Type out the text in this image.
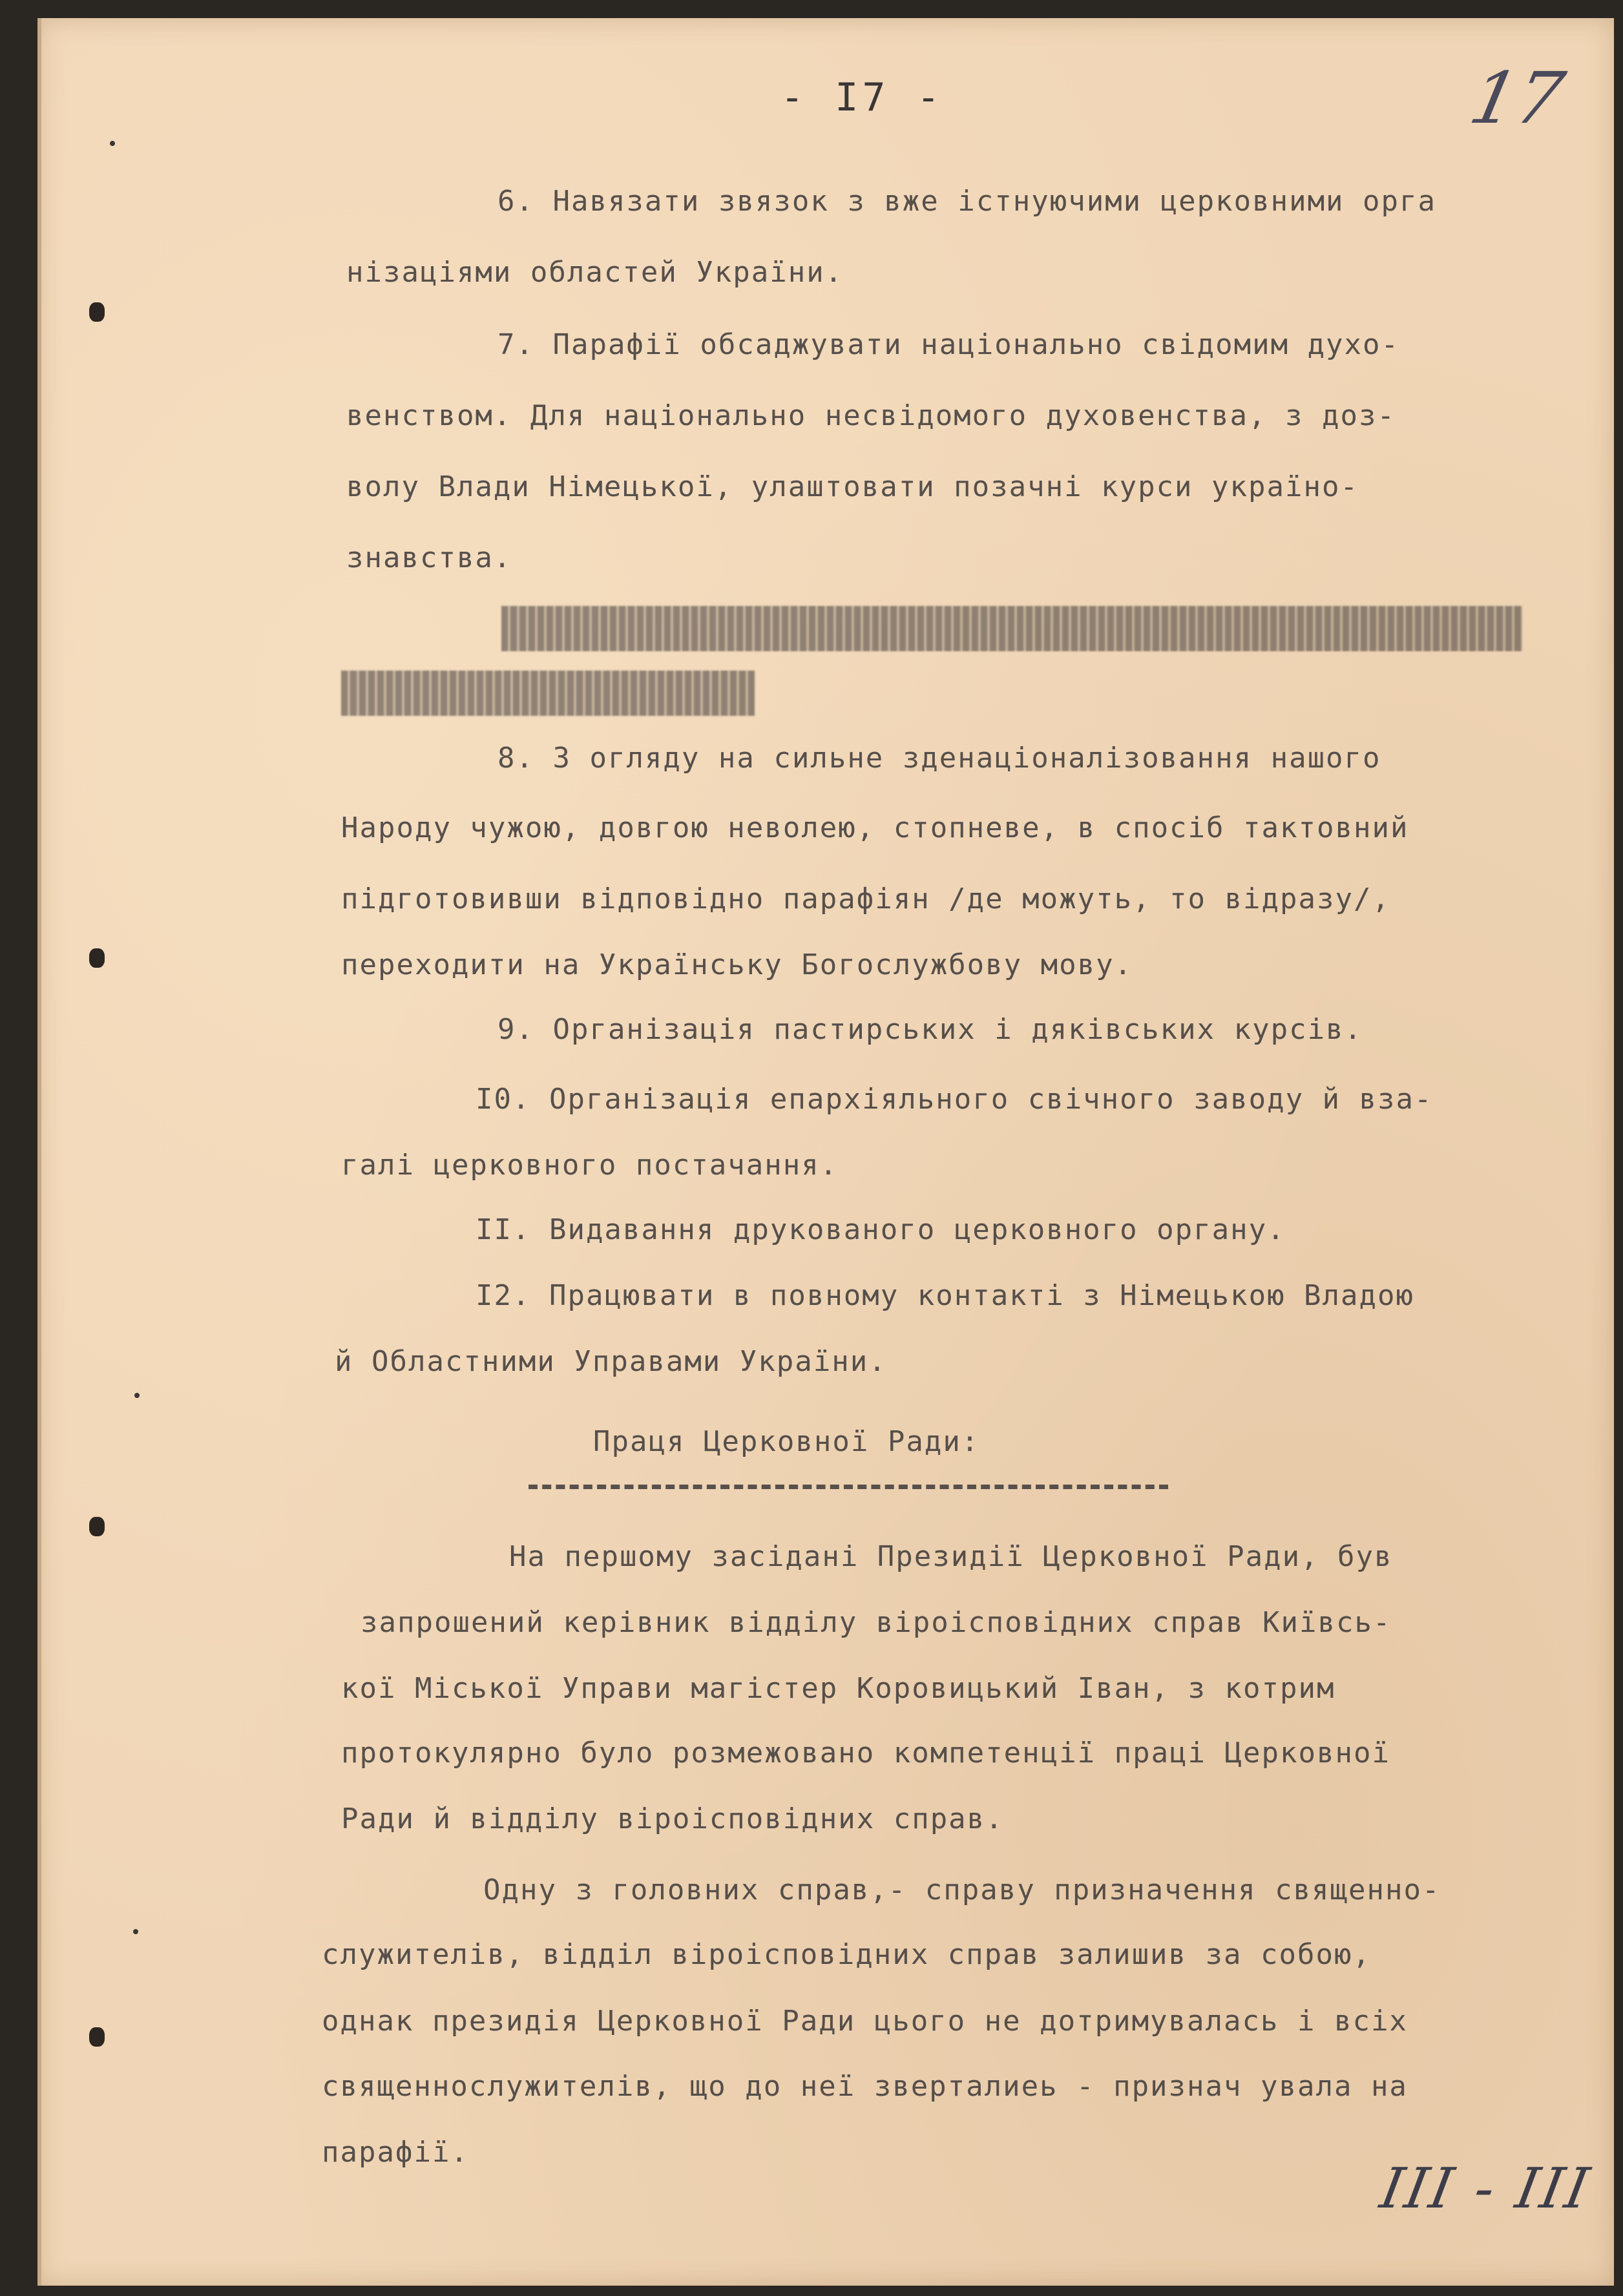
- I7 -	17
6. Навязати звязок з вже істнуючими церковними орга
нізаціями областей України.
7. Парафії обсаджувати національно свідомим духо-
венством. Для національно несвідомого духовенства, з доз-
волу Влади Німецької, улаштовати позачні курси українo-
знавства.
8. З огляду на сильне зденаціоналізовання нашого
Народу чужою, довгою неволею, стопневе, в спосіб тактовний
підготовивши відповідно парафіян /де можуть, то відразу/,
переходити на Українську Богослужбову мову.
9. Організація пастирських і дяківських курсів.
I0. Організація епархіяльного свічного заводу й вза-
галі церковного постачання.
II. Видавання друкованого церковного органу.
I2. Працювати в повному контакті з Німецькою Владою
й Областними Управами України.
Праця Церковної Ради:
На першому засідані Президії Церковної Ради, був
запрошений керівник відділу віроісповідних справ Київсь-
кої Міської Управи магістер Коровицький Іван, з котрим
протокулярно було розмежовано компетенції праці Церковної
Ради й відділу віроісповідних справ.
Одну з головних справ,- справу призначення священно-
служителів, відділ віроісповідних справ залишив за собою,
однак президія Церковної Ради цього не дотримувалась і всіх
священнослужителів, що до неї зверталиеь - признач увала на
парафії.
III - III
